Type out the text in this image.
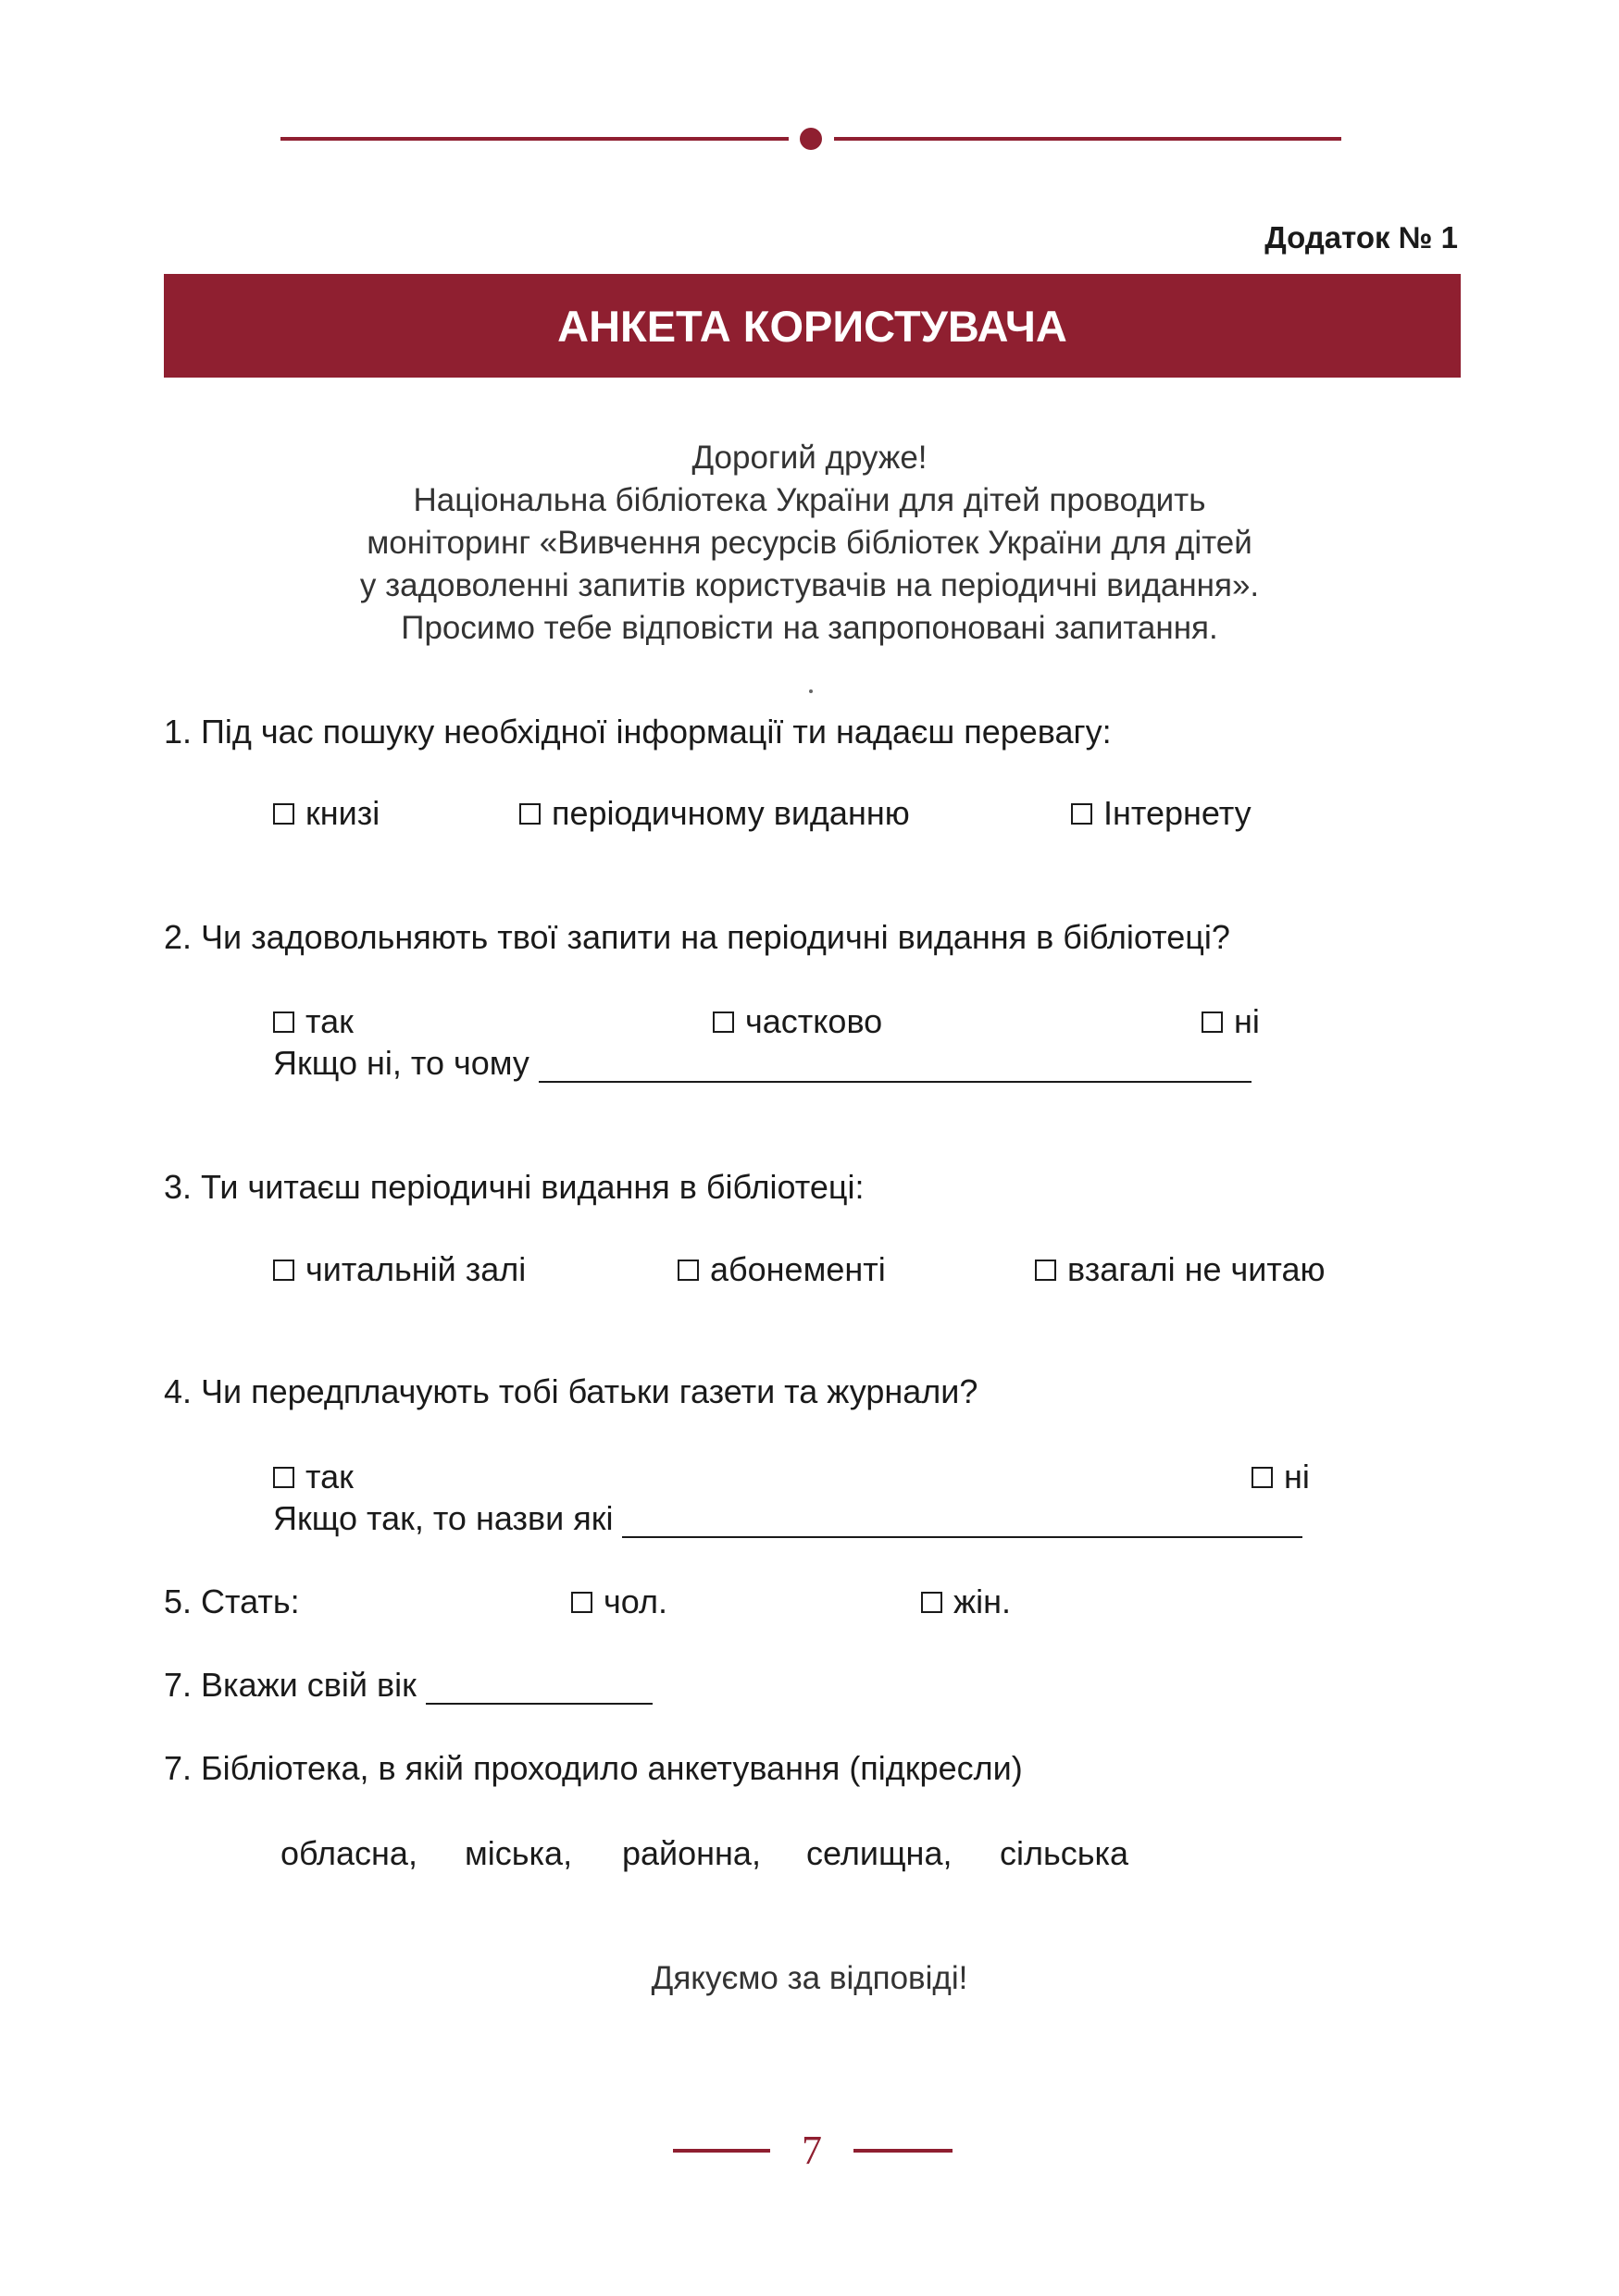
Додаток № 1
АНКЕТА КОРИСТУВАЧА
Дорогий друже!
Національна бібліотека України для дітей проводить
моніторинг «Вивчення ресурсів бібліотек України для дітей
у задоволенні запитів користувачів на періодичні видання».
Просимо тебе відповісти на запропоновані запитання.
1. Під час пошуку необхідної інформації ти надаєш перевагу:
книзі	періодичному виданню	Інтернету
2. Чи задовольняють твої запити на періодичні видання в бібліотеці?
так	частково	ні
Якщо ні, то чому
3. Ти читаєш періодичні видання в бібліотеці:
читальній залі	абонементі	взагалі не читаю
4. Чи передплачують тобі батьки газети та журнали?
так	ні
Якщо так, то назви які
5. Стать:	чол.	жін.
7. Вкажи свій вік
7. Бібліотека, в якій проходило анкетування (підкресли)
обласна, міська, районна, селищна, сільська
Дякуємо за відповіді!
7
